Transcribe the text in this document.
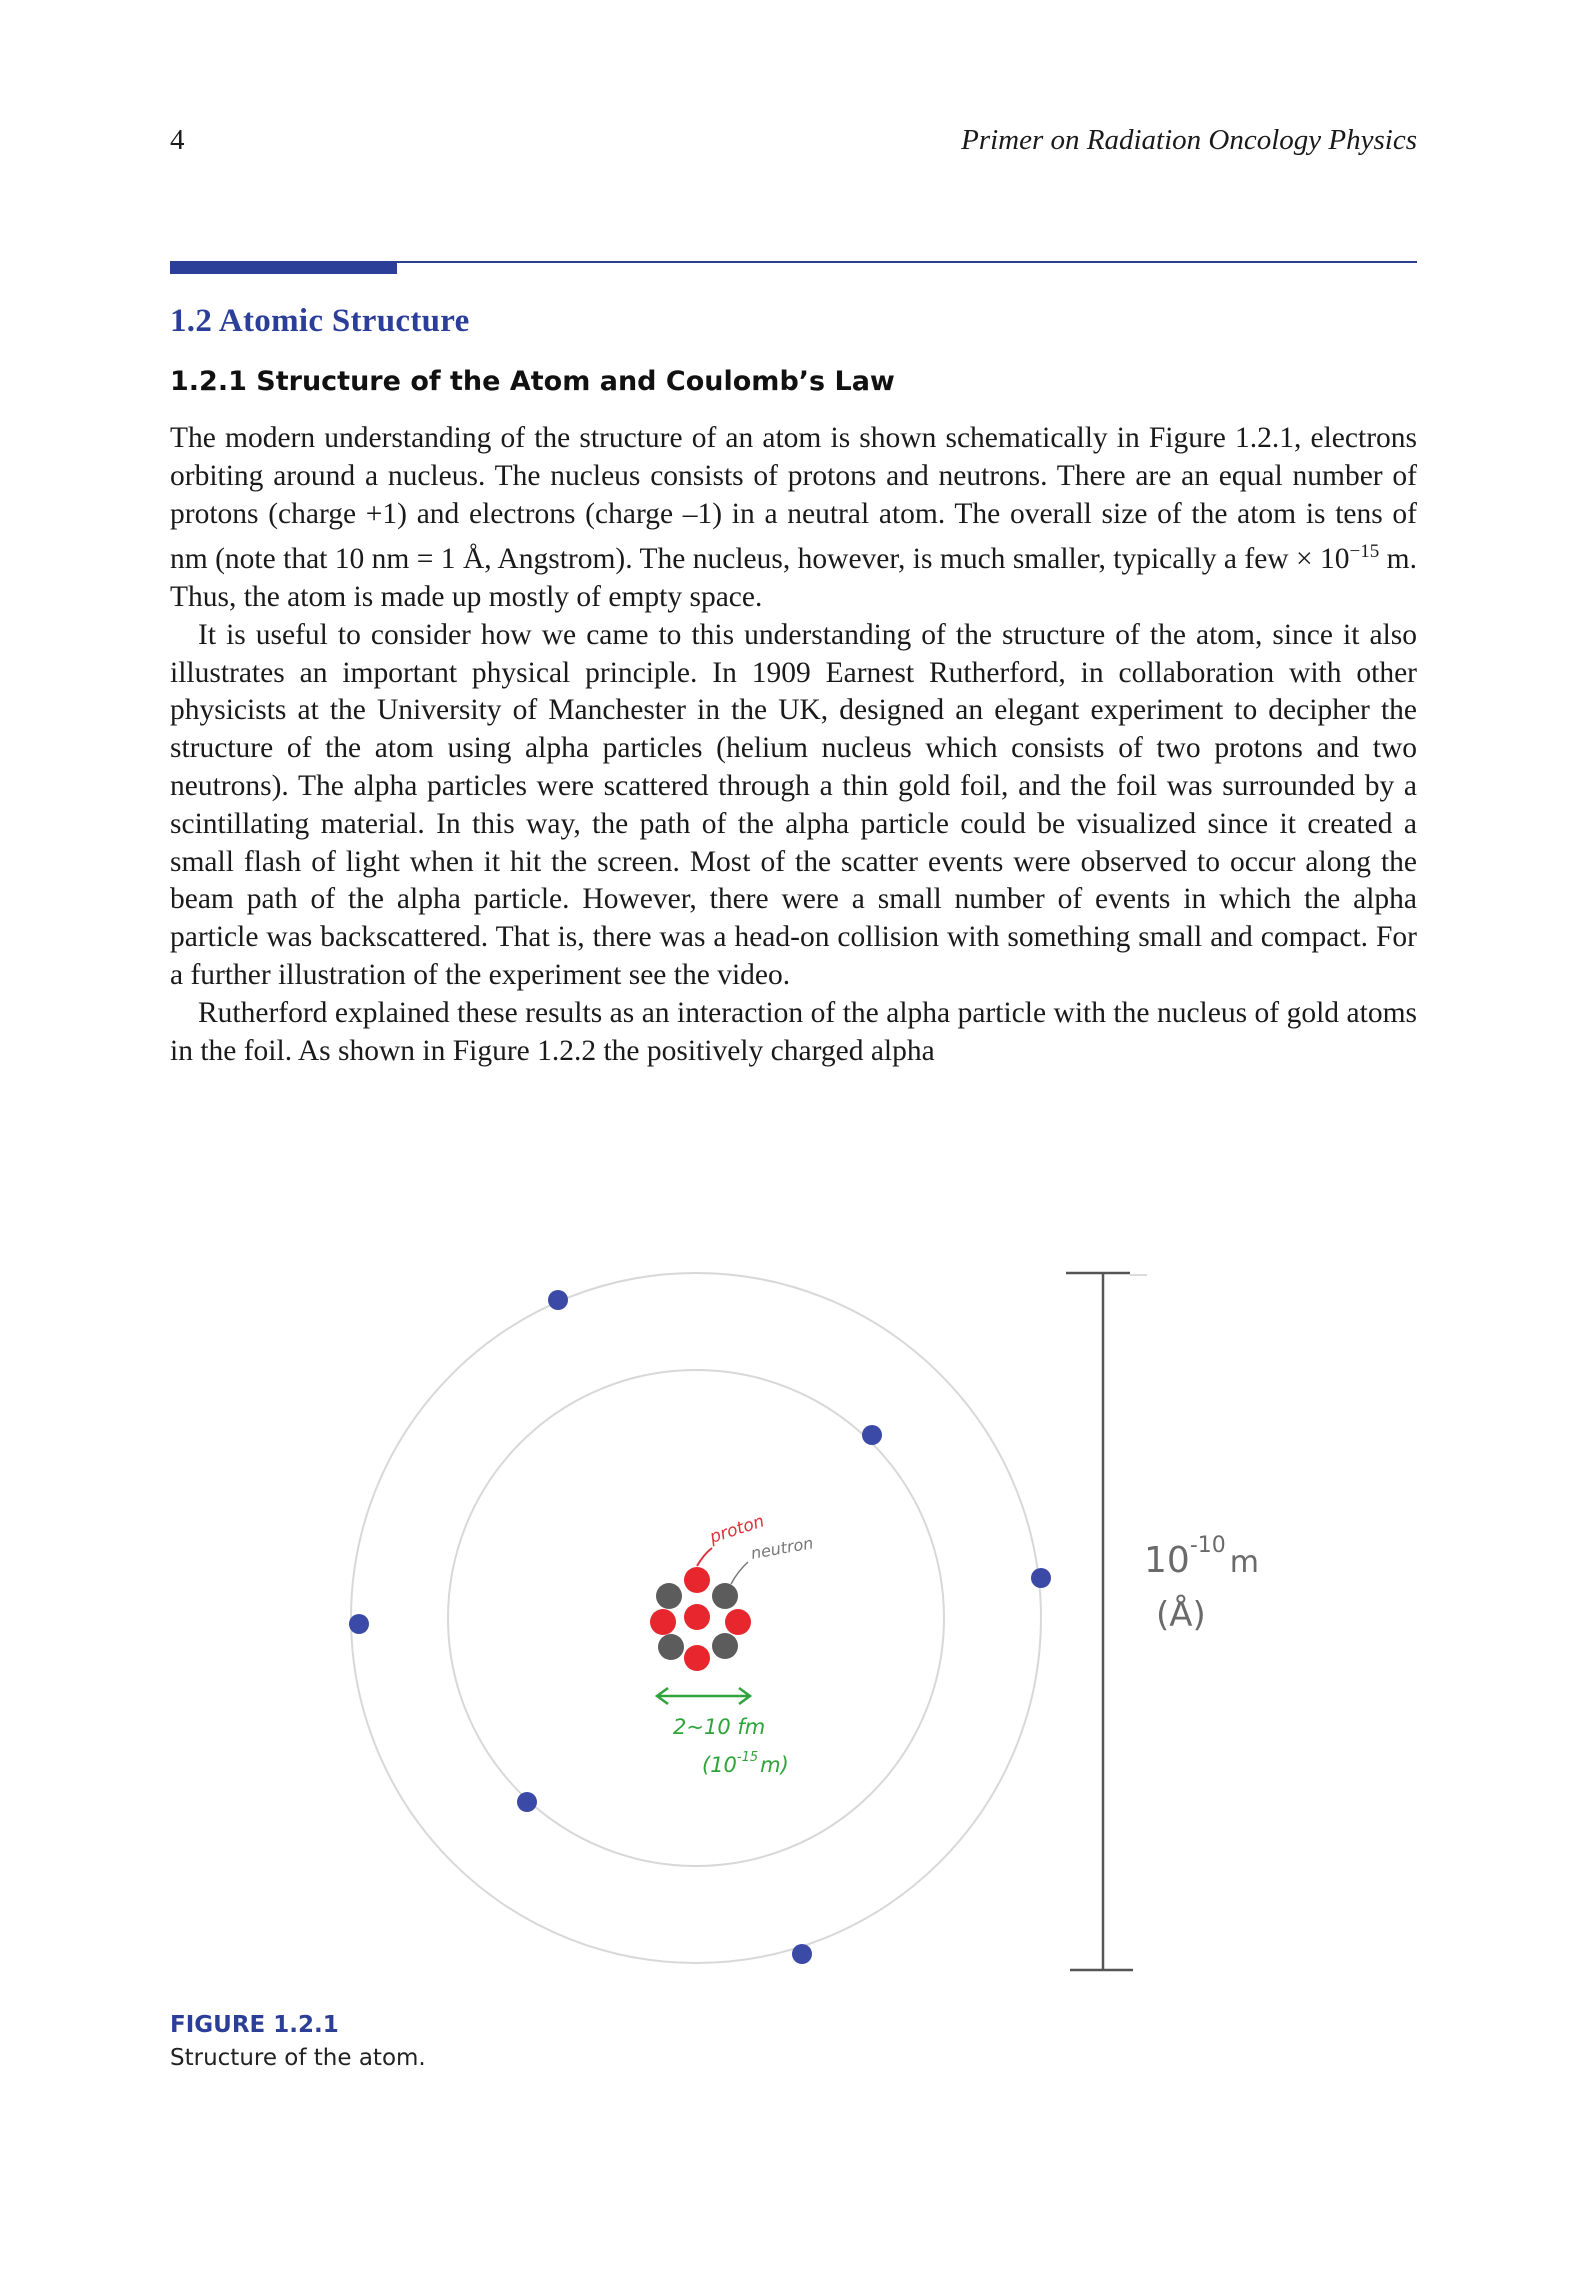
4	Primer on Radiation Oncology Physics
1.2 Atomic Structure
1.2.1 Structure of the Atom and Coulomb’s Law

The modern understanding of the structure of an atom is shown schematically in Figure 1.2.1, electrons orbiting around a nucleus. The nucleus consists of protons and neutrons. There are an equal number of protons (charge +1) and electrons (charge –1) in a neutral atom. The overall size of the atom is tens of nm (note that 10 nm = 1 Å, Angstrom). The nucleus, however, is much smaller, typically a few × $10^{-15}$ m. Thus, the atom is made up mostly of empty space.

It is useful to consider how we came to this understanding of the structure of the atom, since it also illustrates an important physical principle. In 1909 Earnest Rutherford, in collaboration with other physicists at the University of Manchester in the UK, designed an elegant experiment to decipher the structure of the atom using alpha particles (helium nucleus which consists of two protons and two neutrons). The alpha particles were scattered through a thin gold foil, and the foil was surrounded by a scintillating material. In this way, the path of the alpha particle could be visualized since it created a small flash of light when it hit the screen. Most of the scatter events were observed to occur along the beam path of the alpha particle. However, there were a small number of events in which the alpha particle was backscattered. That is, there was a head-on collision with something small and compact. For a further illustration of the experiment see the video.

Rutherford explained these results as an interaction of the alpha particle with the nucleus of gold atoms in the foil. As shown in Figure 1.2.2 the positively charged alpha

proton
neutron
2~10 fm
$(10^{-15}m)$
$10^{-10}$ $_m$
(Å)
FIGURE 1.2.1
Structure of the atom.
